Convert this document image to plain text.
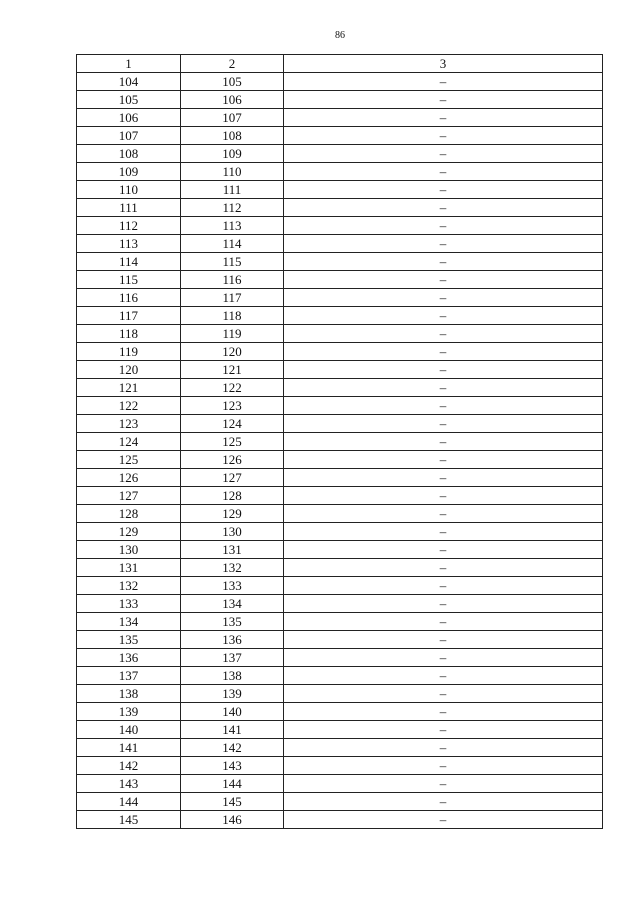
86
1	2	3
104	105	–
105	106	–
106	107	–
107	108	–
108	109	–
109	110	–
110	111	–
111	112	–
112	113	–
113	114	–
114	115	–
115	116	–
116	117	–
117	118	–
118	119	–
119	120	–
120	121	–
121	122	–
122	123	–
123	124	–
124	125	–
125	126	–
126	127	–
127	128	–
128	129	–
129	130	–
130	131	–
131	132	–
132	133	–
133	134	–
134	135	–
135	136	–
136	137	–
137	138	–
138	139	–
139	140	–
140	141	–
141	142	–
142	143	–
143	144	–
144	145	–
145	146	–
